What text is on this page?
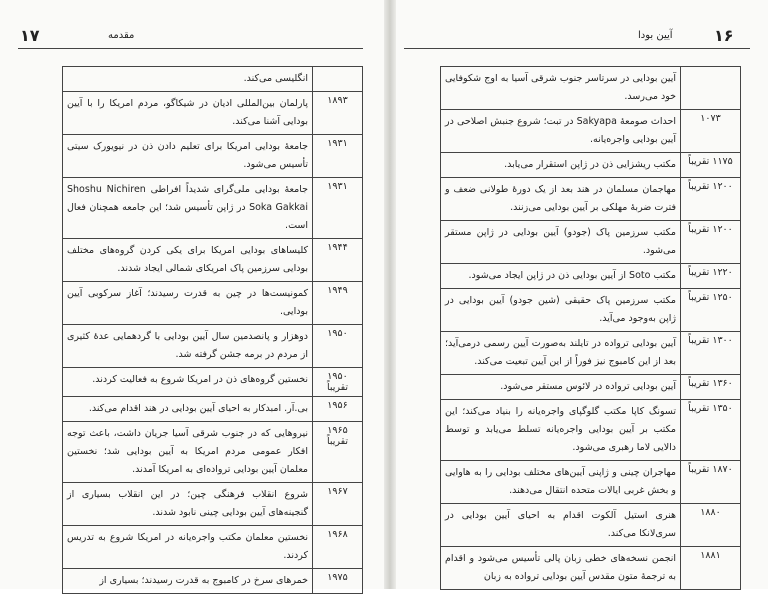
۱۷	مقدمه
	انگلیسی می‌کند.
۱۸۹۳	پارلمان بین‌المللی ادیان در شیکاگو، مردم امریکا را با آیین بودایی آشنا می‌کند.
۱۹۳۱	جامعهٔ بودایی امریکا برای تعلیم دادن ذن در نیویورک سیتی تأسیس می‌شود.
۱۹۳۱	جامعهٔ بودایی ملی‌گرای شدیداً افراطی Shoshu Nichiren Soka Gakkai در ژاپن تأسیس شد؛ این جامعه همچنان فعال است.
۱۹۴۴	کلیساهای بودایی امریکا برای یکی کردن گروه‌های مختلف بودایی سرزمین پاک امریکای شمالی ایجاد شدند.
۱۹۴۹	کمونیست‌ها در چین به قدرت رسیدند؛ آغاز سرکوبی آیین بودایی.
۱۹۵۰	دوهزار و پانصدمین سال آیین بودایی با گردهمایی عدهٔ کثیری از مردم در برمه جشن گرفته شد.
۱۹۵۰ تقریباً	نخستین گروه‌های ذن در امریکا شروع به فعالیت کردند.
۱۹۵۶	بی.آر. امبدکار به احیای آیین بودایی در هند اقدام می‌کند.
۱۹۶۵ تقریباً	نیروهایی که در جنوب شرقی آسیا جریان داشت، باعث توجه افکار عمومی مردم امریکا به آیین بودایی شد؛ نخستین معلمان آیین بودایی ترواده‌ای به امریکا آمدند.
۱۹۶۷	شروع انقلاب فرهنگی چین؛ در این انقلاب بسیاری از گنجینه‌های آیین بودایی چینی نابود شدند.
۱۹۶۸	نخستین معلمان مکتب واجره‌یانه در امریکا شروع به تدریس کردند.
۱۹۷۵	خمرهای سرخ در کامبوج به قدرت رسیدند؛ بسیاری از
آیین بودا	۱۶
	آیین بودایی در سرتاسر جنوب شرقی آسیا به اوج شکوفایی خود می‌رسد.
۱۰۷۳	احداث صومعهٔ Sakyapa در تبت؛ شروع جنبش اصلاحی در آیین بودایی واجره‌یانه.
۱۱۷۵ تقریباً	مکتب ریشزایی ذن در ژاپن استقرار می‌یابد.
۱۲۰۰ تقریباً	مهاجمان مسلمان در هند بعد از یک دورهٔ طولانی ضعف و فترت ضربهٔ مهلکی بر آیین بودایی می‌زنند.
۱۲۰۰ تقریباً	مکتب سرزمین پاک (جودو) آیین بودایی در ژاپن مستقر می‌شود.
۱۲۲۰ تقریباً	مکتب Soto از آیین بودایی ذن در ژاپن ایجاد می‌شود.
۱۲۵۰ تقریباً	مکتب سرزمین پاک حقیقی (شین جودو) آیین بودایی در ژاپن به‌وجود می‌آید.
۱۳۰۰ تقریباً	آیین بودایی ترواده در تایلند به‌صورت آیین رسمی درمی‌آید؛ بعد از این کامبوج نیز فوراً از این آیین تبعیت می‌کند.
۱۳۶۰ تقریباً	آیین بودایی ترواده در لائوس مستقر می‌شود.
۱۳۵۰ تقریباً	تسونگ کاپا مکتب گلوگپای واجره‌یانه را بنیاد می‌کند؛ این مکتب بر آیین بودایی واجره‌یانه تسلط می‌یابد و توسط دالایی لاما رهبری می‌شود.
۱۸۷۰ تقریباً	مهاجران چینی و ژاپنی آیین‌های مختلف بودایی را به هاوایی و بخش غربی ایالات متحده انتقال می‌دهند.
۱۸۸۰	هنری استیل آلکوت اقدام به احیای آیین بودایی در سری‌لانکا می‌کند.
۱۸۸۱	انجمن نسخه‌های خطی زبان پالی تأسیس می‌شود و اقدام به ترجمهٔ متون مقدس آیین بودایی ترواده به زبان
